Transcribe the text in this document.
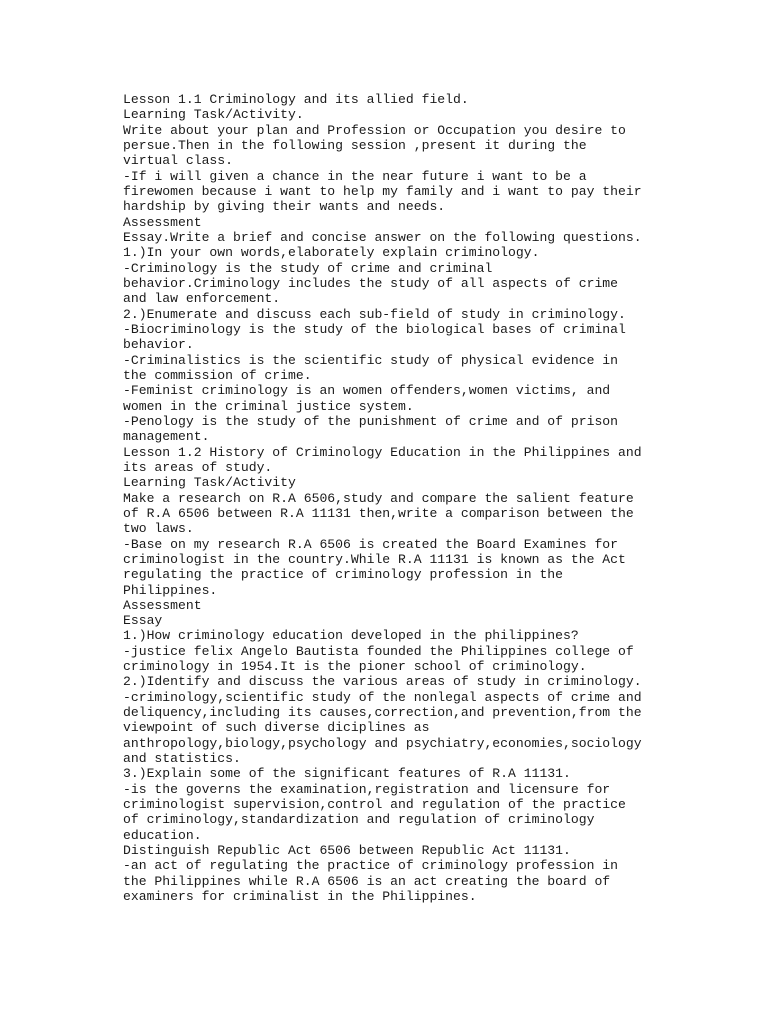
Lesson 1.1 Criminology and its allied field.
Learning Task/Activity.
Write about your plan and Profession or Occupation you desire to
persue.Then in the following session ,present it during the
virtual class.
-If i will given a chance in the near future i want to be a
firewomen because i want to help my family and i want to pay their
hardship by giving their wants and needs.
Assessment
Essay.Write a brief and concise answer on the following questions.
1.)In your own words,elaborately explain criminology.
-Criminology is the study of crime and criminal
behavior.Criminology includes the study of all aspects of crime
and law enforcement.
2.)Enumerate and discuss each sub-field of study in criminology.
-Biocriminology is the study of the biological bases of criminal
behavior.
-Criminalistics is the scientific study of physical evidence in
the commission of crime.
-Feminist criminology is an women offenders,women victims, and
women in the criminal justice system.
-Penology is the study of the punishment of crime and of prison
management.
Lesson 1.2 History of Criminology Education in the Philippines and
its areas of study.
Learning Task/Activity
Make a research on R.A 6506,study and compare the salient feature
of R.A 6506 between R.A 11131 then,write a comparison between the
two laws.
-Base on my research R.A 6506 is created the Board Examines for
criminologist in the country.While R.A 11131 is known as the Act
regulating the practice of criminology profession in the
Philippines.
Assessment
Essay
1.)How criminology education developed in the philippines?
-justice felix Angelo Bautista founded the Philippines college of
criminology in 1954.It is the pioner school of criminology.
2.)Identify and discuss the various areas of study in criminology.
-criminology,scientific study of the nonlegal aspects of crime and
deliquency,including its causes,correction,and prevention,from the
viewpoint of such diverse diciplines as
anthropology,biology,psychology and psychiatry,economies,sociology
and statistics.
3.)Explain some of the significant features of R.A 11131.
-is the governs the examination,registration and licensure for
criminologist supervision,control and regulation of the practice
of criminology,standardization and regulation of criminology
education.
Distinguish Republic Act 6506 between Republic Act 11131.
-an act of regulating the practice of criminology profession in
the Philippines while R.A 6506 is an act creating the board of
examiners for criminalist in the Philippines.
